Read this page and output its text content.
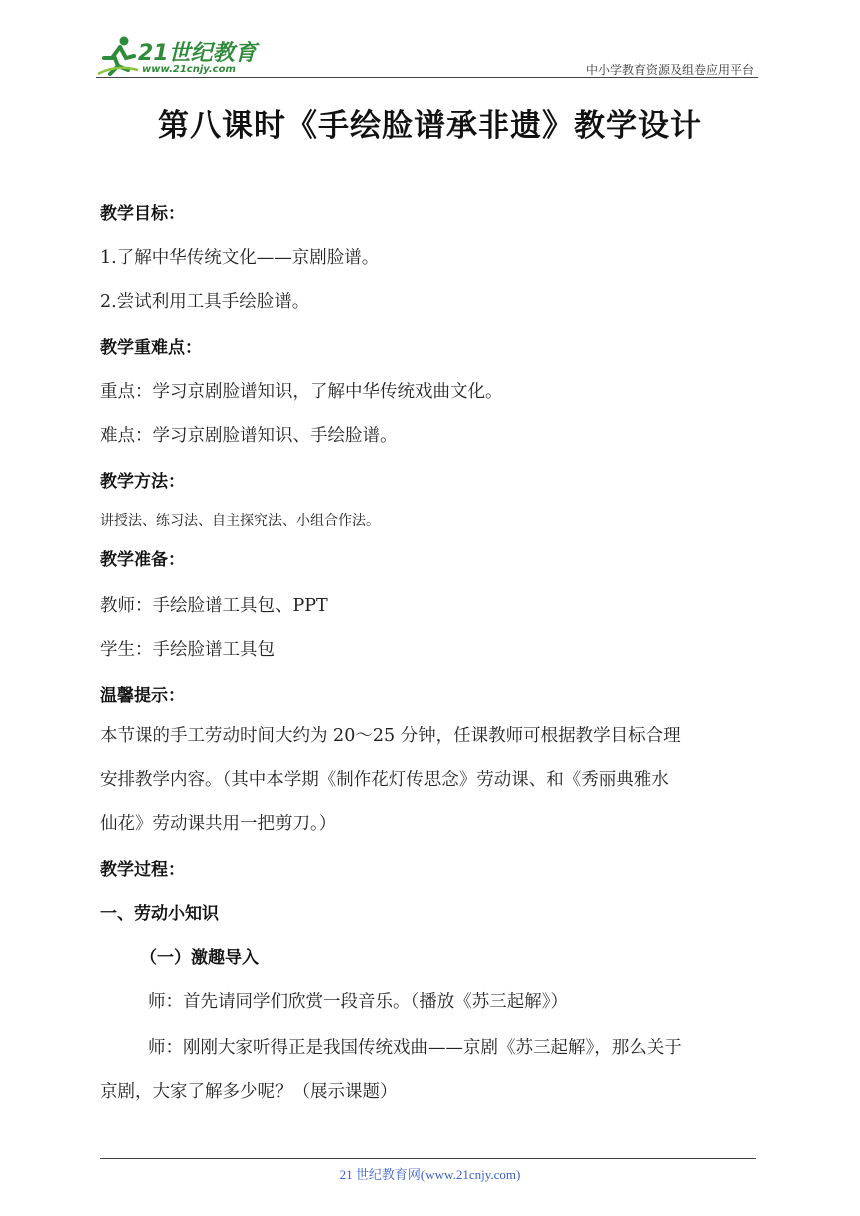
21世纪教育
www.21cnjy.com	中小学教育资源及组卷应用平台
第八课时《手绘脸谱承非遗》教学设计
教学目标：
1.了解中华传统文化——京剧脸谱。
2.尝试利用工具手绘脸谱。
教学重难点：
重点：学习京剧脸谱知识，了解中华传统戏曲文化。
难点：学习京剧脸谱知识、手绘脸谱。
教学方法：
讲授法、练习法、自主探究法、小组合作法。
教学准备：
教师：手绘脸谱工具包、PPT
学生：手绘脸谱工具包
温馨提示：
本节课的手工劳动时间大约为 20～25 分钟，任课教师可根据教学目标合理
安排教学内容。（其中本学期《制作花灯传思念》劳动课、和《秀丽典雅水
仙花》劳动课共用一把剪刀。）
教学过程：
一、劳动小知识
（一）激趣导入
师：首先请同学们欣赏一段音乐。（播放《苏三起解》）
师：刚刚大家听得正是我国传统戏曲——京剧《苏三起解》，那么关于
京剧，大家了解多少呢？（展示课题）
21 世纪教育网(www.21cnjy.com)
